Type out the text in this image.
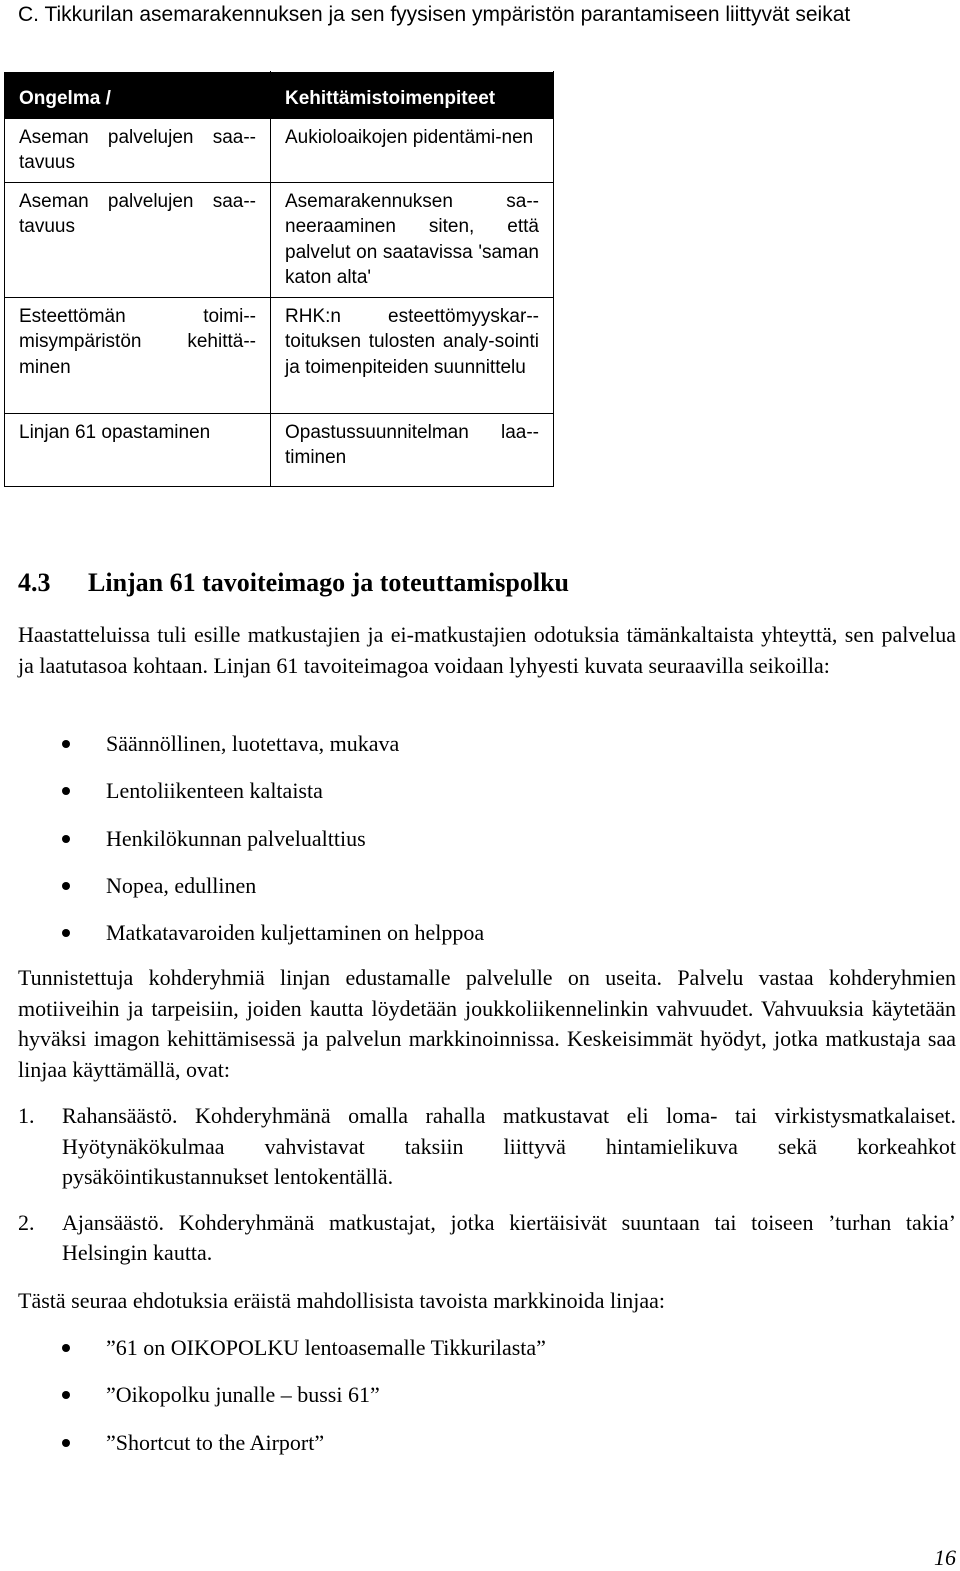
C. Tikkurilan asemarakennuksen ja sen fyysisen ympäristön parantamiseen liittyvät seikat
Ongelma /	Kehittämistoimenpiteet
Aseman palvelujen saa-tavuus	Aukioloaikojen pidentämi-nen
Aseman palvelujen saa-tavuus	Asemarakennuksen sa-neeraaminen siten, että palvelut on saatavissa 'saman katon alta'
Esteettömän toimi-misympäristön kehittä-minen	RHK:n esteettömyyskar-toituksen tulosten analy-sointi ja toimenpiteiden suunnittelu
Linjan 61 opastaminen	Opastussuunnitelman laa-timinen
4.3 Linjan 61 tavoiteimago ja toteuttamispolku
Haastatteluissa tuli esille matkustajien ja ei-matkustajien odotuksia tämänkaltaista yhteyttä, sen palvelua ja laatutasoa kohtaan. Linjan 61 tavoiteimagoa voidaan lyhyesti kuvata seuraavilla seikoilla:
Säännöllinen, luotettava, mukava
Lentoliikenteen kaltaista
Henkilökunnan palvelualttius
Nopea, edullinen
Matkatavaroiden kuljettaminen on helppoa
Tunnistettuja kohderyhmiä linjan edustamalle palvelulle on useita. Palvelu vastaa kohderyhmien motiiveihin ja tarpeisiin, joiden kautta löydetään joukkoliikennelinkin vahvuudet. Vahvuuksia käytetään hyväksi imagon kehittämisessä ja palvelun markkinoinnissa. Keskeisimmät hyödyt, jotka matkustaja saa linjaa käyttämällä, ovat:
1. Rahansäästö. Kohderyhmänä omalla rahalla matkustavat eli loma- tai virkistysmatkalaiset. Hyötynäkökulmaa vahvistavat taksiin liittyvä hintamielikuva sekä korkeahkot pysäköintikustannukset lentokentällä.
2. Ajansäästö. Kohderyhmänä matkustajat, jotka kiertäisivät suuntaan tai toiseen ’turhan takia’ Helsingin kautta.
Tästä seuraa ehdotuksia eräistä mahdollisista tavoista markkinoida linjaa:
”61 on OIKOPOLKU lentoasemalle Tikkurilasta”
”Oikopolku junalle – bussi 61”
”Shortcut to the Airport”
16
